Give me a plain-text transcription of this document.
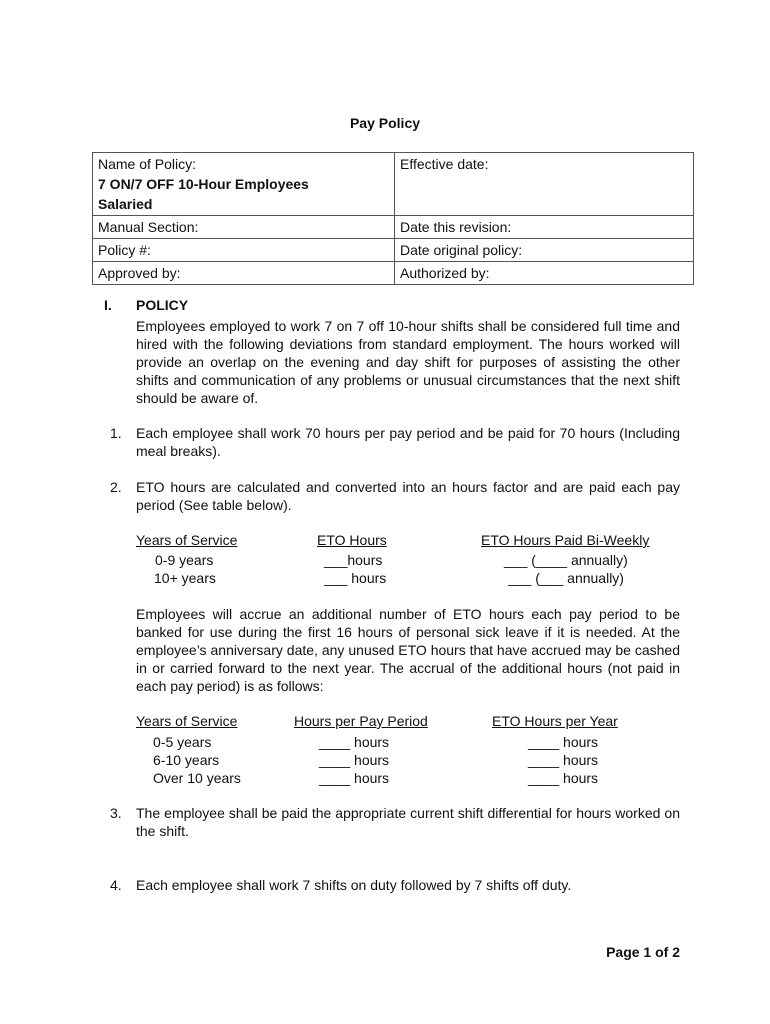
Pay Policy
Name of Policy:
7 ON/7 OFF 10-Hour Employees
Salaried	Effective date:
Manual Section:	Date this revision:
Policy #:	Date original policy:
Approved by:	Authorized by:
I. POLICY
Employees employed to work 7 on 7 off 10-hour shifts shall be considered full time and hired with the following deviations from standard employment. The hours worked will provide an overlap on the evening and day shift for purposes of assisting the other shifts and communication of any problems or unusual circumstances that the next shift should be aware of.
1. Each employee shall work 70 hours per pay period and be paid for 70 hours (Including meal breaks).
2. ETO hours are calculated and converted into an hours factor and are paid each pay period (See table below).
Years of Service	ETO Hours	ETO Hours Paid Bi-Weekly
0-9 years	___hours	___ (____ annually)
10+ years	___ hours	___ (___ annually)
Employees will accrue an additional number of ETO hours each pay period to be banked for use during the first 16 hours of personal sick leave if it is needed. At the employee’s anniversary date, any unused ETO hours that have accrued may be cashed in or carried forward to the next year. The accrual of the additional hours (not paid in each pay period) is as follows:
Years of Service	Hours per Pay Period	ETO Hours per Year
0-5 years	____ hours	____ hours
6-10 years	____ hours	____ hours
Over 10 years	____ hours	____ hours
3. The employee shall be paid the appropriate current shift differential for hours worked on the shift.
4. Each employee shall work 7 shifts on duty followed by 7 shifts off duty.
Page 1 of 2
